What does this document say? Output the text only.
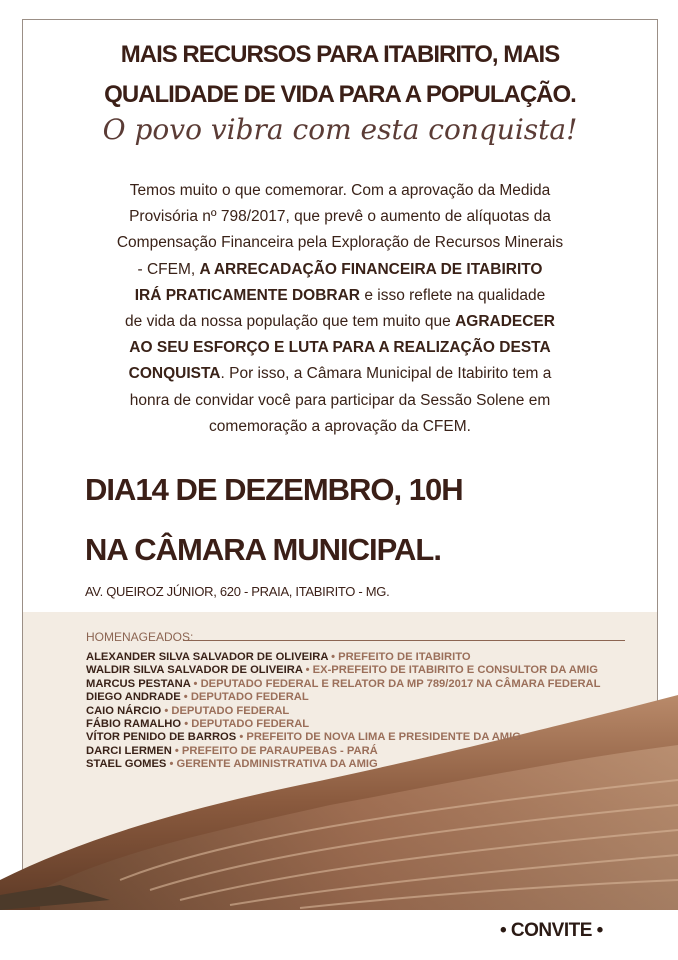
MAIS RECURSOS PARA ITABIRITO, MAIS
QUALIDADE DE VIDA PARA A POPULAÇÃO.
O povo vibra com esta conquista!
Temos muito o que comemorar. Com a aprovação da Medida
Provisória nº 798/2017, que prevê o aumento de alíquotas da
Compensação Financeira pela Exploração de Recursos Minerais
- CFEM, A ARRECADAÇÃO FINANCEIRA DE ITABIRITO
IRÁ PRATICAMENTE DOBRAR e isso reflete na qualidade
de vida da nossa população que tem muito que AGRADECER
AO SEU ESFORÇO E LUTA PARA A REALIZAÇÃO DESTA
CONQUISTA. Por isso, a Câmara Municipal de Itabirito tem a
honra de convidar você para participar da Sessão Solene em
comemoração a aprovação da CFEM.
DIA14 DE DEZEMBRO, 10H
NA CÂMARA MUNICIPAL.
AV. QUEIROZ JÚNIOR, 620 - PRAIA, ITABIRITO - MG.
HOMENAGEADOS:
ALEXANDER SILVA SALVADOR DE OLIVEIRA • PREFEITO DE ITABIRITO
WALDIR SILVA SALVADOR DE OLIVEIRA • EX-PREFEITO DE ITABIRITO E CONSULTOR DA AMIG
MARCUS PESTANA • DEPUTADO FEDERAL E RELATOR DA MP 789/2017 NA CÂMARA FEDERAL
DIEGO ANDRADE • DEPUTADO FEDERAL
CAIO NÁRCIO • DEPUTADO FEDERAL
FÁBIO RAMALHO • DEPUTADO FEDERAL
VÍTOR PENIDO DE BARROS • PREFEITO DE NOVA LIMA E PRESIDENTE DA AMIG
DARCI LERMEN • PREFEITO DE PARAUPEBAS - PARÁ
STAEL GOMES • GERENTE ADMINISTRATIVA DA AMIG
• CONVITE •
